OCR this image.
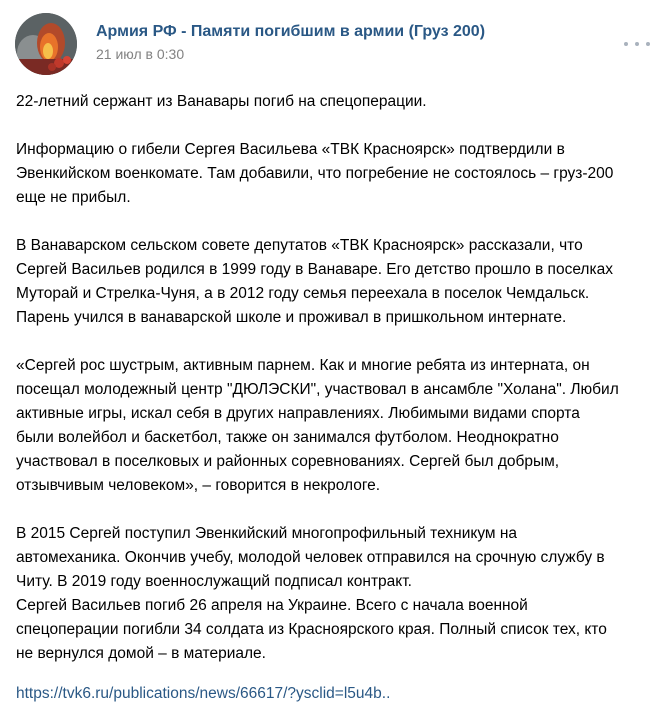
Армия РФ - Памяти погибшим в армии (Груз 200)
21 июл в 0:30

22-летний сержант из Ванавары погиб на спецоперации.

Информацию о гибели Сергея Васильева «ТВК Красноярск» подтвердили в
Эвенкийском военкомате. Там добавили, что погребение не состоялось – груз-200
еще не прибыл.

В Ванаварском сельском совете депутатов «ТВК Красноярск» рассказали, что
Сергей Васильев родился в 1999 году в Ванаваре. Его детство прошло в поселках
Муторай и Стрелка-Чуня, а в 2012 году семья переехала в поселок Чемдальск.
Парень учился в ванаварской школе и проживал в пришкольном интернате.

«Сергей рос шустрым, активным парнем. Как и многие ребята из интерната, он
посещал молодежный центр "ДЮЛЭСКИ", участвовал в ансамбле "Холана". Любил
активные игры, искал себя в других направлениях. Любимыми видами спорта
были волейбол и баскетбол, также он занимался футболом. Неоднократно
участвовал в поселковых и районных соревнованиях. Сергей был добрым,
отзывчивым человеком», – говорится в некрологе.

В 2015 Сергей поступил Эвенкийский многопрофильный техникум на
автомеханика. Окончив учебу, молодой человек отправился на срочную службу в
Читу. В 2019 году военнослужащий подписал контракт.
Сергей Васильев погиб 26 апреля на Украине. Всего с начала военной
спецоперации погибли 34 солдата из Красноярского края. Полный список тех, кто
не вернулся домой – в материале.

https://tvk6.ru/publications/news/66617/?ysclid=l5u4b..
